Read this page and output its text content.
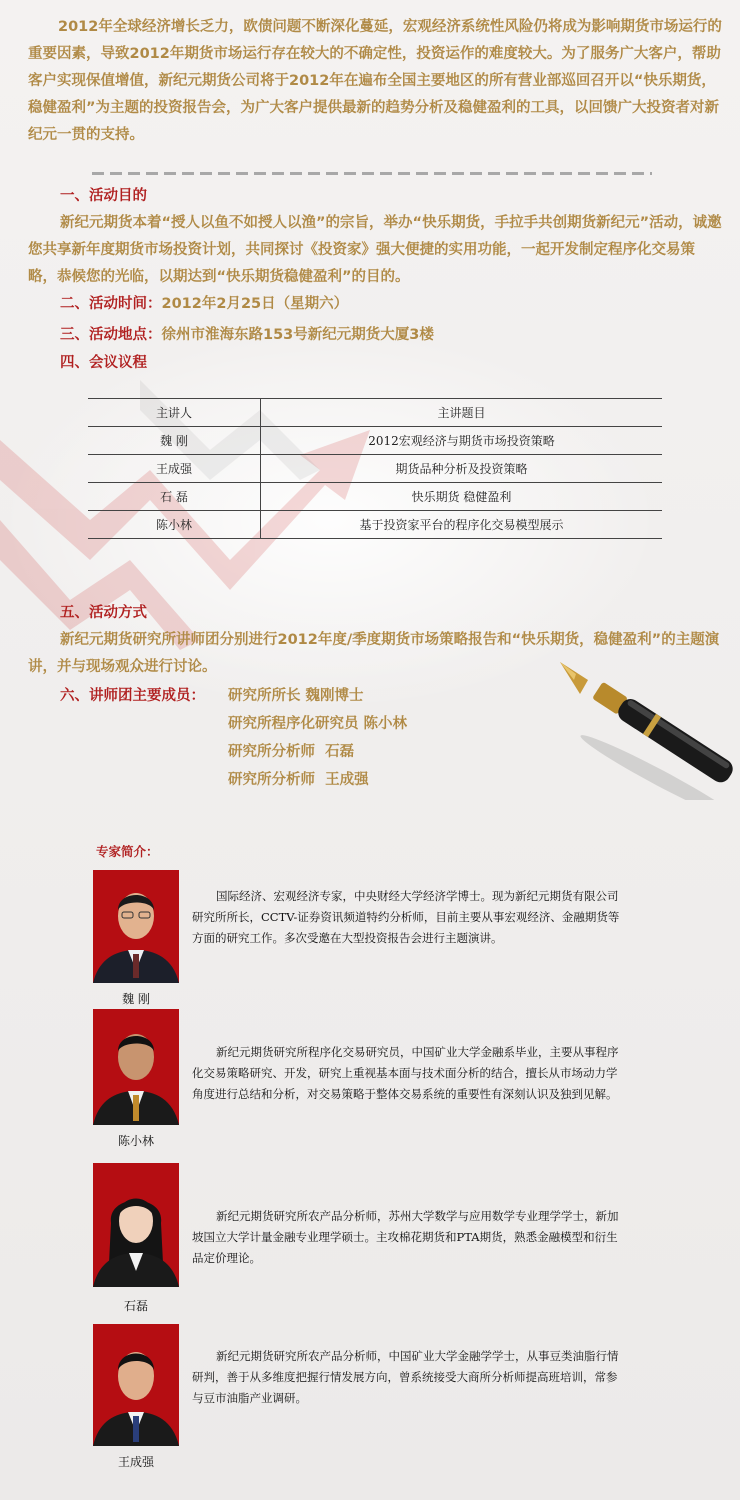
2012年全球经济增长乏力，欧债问题不断深化蔓延，宏观经济系统性风险仍将成为影响期货市场运行的重要因素，导致2012年期货市场运行存在较大的不确定性，投资运作的难度较大。为了服务广大客户，帮助客户实现保值增值，新纪元期货公司将于2012年在遍布全国主要地区的所有营业部巡回召开以“快乐期货，稳健盈利”为主题的投资报告会，为广大客户提供最新的趋势分析及稳健盈利的工具，以回馈广大投资者对新纪元一贯的支持。

一、活动目的

新纪元期货本着“授人以鱼不如授人以渔”的宗旨，举办“快乐期货，手拉手共创期货新纪元”活动，诚邀您共享新年度期货市场投资计划，共同探讨《投资家》强大便捷的实用功能，一起开发制定程序化交易策略，恭候您的光临，以期达到“快乐期货稳健盈利”的目的。

二、活动时间：2012年2月25日（星期六）

三、活动地点：徐州市淮海东路153号新纪元期货大厦3楼

四、会议议程

主讲人	主讲题目
魏 刚	2012宏观经济与期货市场投资策略
王成强	期货品种分析及投资策略
石 磊	快乐期货 稳健盈利
陈小林	基于投资家平台的程序化交易模型展示

五、活动方式

新纪元期货研究所讲师团分别进行2012年度/季度期货市场策略报告和“快乐期货，稳健盈利”的主题演讲，并与现场观众进行讨论。

六、讲师团主要成员： 研究所所长 魏刚博士

研究所程序化研究员 陈小林

研究所分析师  石磊

研究所分析师  王成强

专家简介：
魏 刚

国际经济、宏观经济专家，中央财经大学经济学博士。现为新纪元期货有限公司研究所所长，CCTV-证券资讯频道特约分析师，目前主要从事宏观经济、金融期货等方面的研究工作。多次受邀在大型投资报告会进行主题演讲。

陈小林

新纪元期货研究所程序化交易研究员，中国矿业大学金融系毕业，主要从事程序化交易策略研究、开发，研究上重视基本面与技术面分析的结合，擅长从市场动力学角度进行总结和分析，对交易策略于整体交易系统的重要性有深刻认识及独到见解。

石磊

新纪元期货研究所农产品分析师，苏州大学数学与应用数学专业理学学士，新加坡国立大学计量金融专业理学硕士。主攻棉花期货和PTA期货，熟悉金融模型和衍生品定价理论。

王成强

新纪元期货研究所农产品分析师，中国矿业大学金融学学士，从事豆类油脂行情研判，善于从多维度把握行情发展方向，曾系统接受大商所分析师提高班培训，常参与豆市油脂产业调研。
